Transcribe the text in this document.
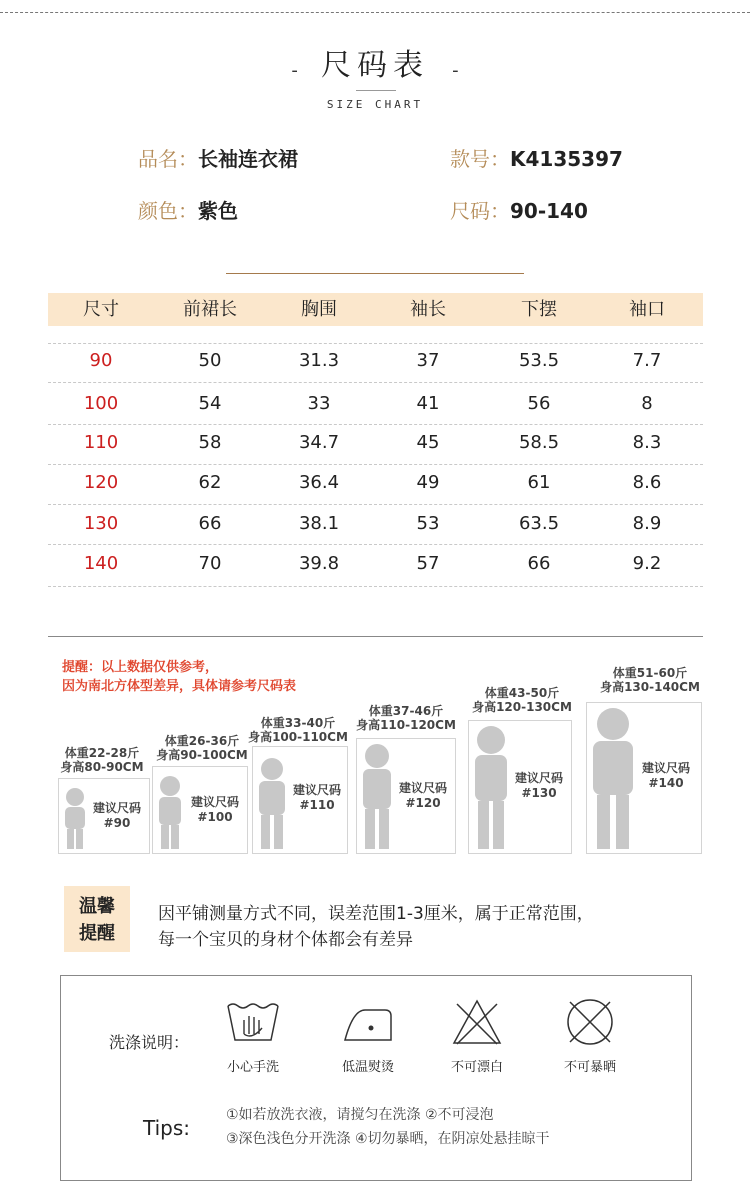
- 尺码表 -
SIZE CHART
品名：长袖连衣裙	款号：K4135397
颜色：紫色	尺码：90-140
尺寸	前裙长	胸围	袖长	下摆	袖口
90	50	31.3	37	53.5	7.7
100	54	33	41	56	8
110	58	34.7	45	58.5	8.3
120	62	36.4	49	61	8.6
130	66	38.1	53	63.5	8.9
140	70	39.8	57	66	9.2
提醒：以上数据仅供参考，
因为南北方体型差异，具体请参考尺码表
体重22-28斤
身高80-90CM
建议尺码
#90
体重26-36斤
身高90-100CM
建议尺码
#100
体重33-40斤
身高100-110CM
建议尺码
#110
体重37-46斤
身高110-120CM
建议尺码
#120
体重43-50斤
身高120-130CM
建议尺码
#130
体重51-60斤
身高130-140CM
建议尺码
#140
温馨
提醒
因平铺测量方式不同，误差范围1-3厘米，属于正常范围，
每一个宝贝的身材个体都会有差异
洗涤说明：
小心手洗	低温熨烫	不可漂白	不可暴晒
Tips:
①如若放洗衣液，请搅匀在洗涤 ②不可浸泡
③深色浅色分开洗涤 ④切勿暴晒，在阴凉处悬挂晾干
